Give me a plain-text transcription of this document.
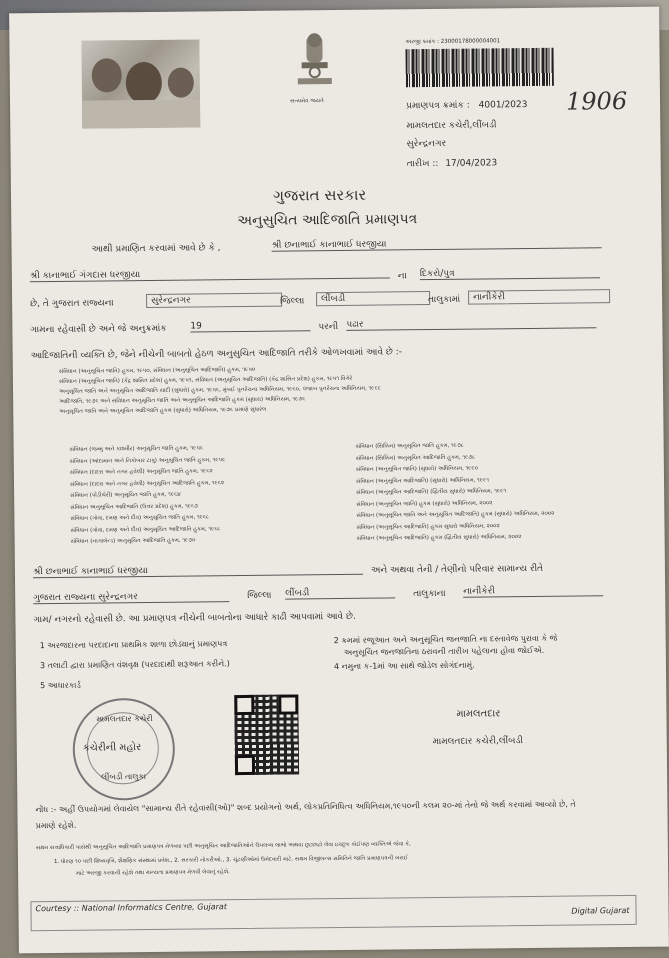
સત્યમેવ જયતે
અરજી ક્રમાંક : 23000178000004001
પ્રમાણપત્ર ક્રમાંક : 4001/2023 1906
મામલતદાર કચેરી,લીંબડી
સુરેન્દ્રનગર
તારીખ :: 17/04/2023
ગુજરાત સરકાર
અનુસુચિત આદિજાતિ પ્રમાણપત્ર
આથી પ્રમાણિત કરવામાં આવે છે કે ,	શ્રી છનાભાઈ કાનાભાઈ ધરજીયા
શ્રી કાનાભાઈ ગંગદાસ ધરજીયા	ના દિકરો/પુત્ર
છે, તે ગુજરાત રાજ્યના	સુરેન્દ્રનગર	જિલ્લા	લીંબડી	તાલુકામાં	નાનીકેરી
ગામના રહેવાસી છે અને જે અનુક્રમાંક	19	પરની પઢાર
આદિજાતિની વ્યક્તિ છે, જેને નીચેની બાબતો હેઠળ અનુસુચિત આદિજાતિ તરીકે ઓળખવામાં આવે છે :-
સંવિધાન (અનુસૂચિત જાતિ) હુકમ, ૧૯૫૦, સંવિધાન (અનુસૂચિત આદિજાતિ) હુકમ, ૧૯૫૦
સંવિધાન (અનુસૂચિત જાતિ) (કેંદ્ર શાસિત પ્રદેશ) હુકમ, ૧૯૫૧, સંવિધાન (અનુસૂચિત આદિજાતિ) (કેંદ્ર શાસિત પ્રદેશ) હુકમ, ૧૯૫૧ વિગેરે
અનુસૂચિત જાતિ અને અનુસૂચિત આદિજાતિ યાદી (સુધારો) હુકમ, ૧૯૫૬, મુંબઈ પુનર્રચના અધિનિયમ, ૧૯૬૦, પંજાબ પુનર્રચના અધિનિયમ, ૧૯૬૬
આદિજાતિ, ૧૯૭૬ અને સંવિધાન અનુસૂચિત જાતિ અને અનુસૂચિત આદિજાતિ હુકમ (સુધારા) અધિનિયમ, ૧૯૭૬
અનુસૂચિત જાતિ અને અનુસૂચિત આદિજાતિ હુકમ (સુધારો) અધિનિયમ, ૧૯૭૬ પ્રમાણે સુધારેલ
સંવિધાન (જમ્મુ અને કાશ્મીર) અનુસૂચિત જાતિ હુકમ, ૧૯૫૬
સંવિધાન (આંદામાન અને નિકોબાર ટાપુ) અનુસૂચિત જાતિ હુકમ, ૧૯૫૯
સંવિધાન (દાદરા અને નગર હવેલી) અનુસૂચિત જાતિ હુકમ, ૧૯૬૨
સંવિધાન (દાદરા અને નગર હવેલી) અનુસૂચિત આદિજાતિ હુકમ, ૧૯૬૨
સંવિધાન (પોંડીચેરી) અનુસૂચિત જાતિ હુકમ, ૧૯૬૪
સંવિધાન અનુસૂચિત આદિજાતિ (ઉત્તર પ્રદેશ) હુકમ, ૧૯૬૭
સંવિધાન (ગોવા, દમણ અને દીવ) અનુસૂચિત જાતિ હુકમ, ૧૯૬૮
સંવિધાન (ગોવા, દમણ અને દીવ) અનુસૂચિત આદિજાતિ હુકમ, ૧૯૬૮
સંવિધાન (નાગાલેન્ડ) અનુસૂચિત આદિજાતિ હુકમ, ૧૯૭૦
સંવિધાન (સિક્કિમ) અનુસૂચિત જાતિ હુકમ, ૧૯૭૮
સંવિધાન (સિક્કિમ) અનુસૂચિત આદિજાતિ હુકમ, ૧૯૭૮
સંવિધાન (અનુસૂચિત જાતિ) (સુધારો) અધિનિયમ, ૧૯૯૦
સંવિધાન (અનુસૂચિત આદિજાતિ) (સુધારો) અધિનિયમ, ૧૯૯૧
સંવિધાન (અનુસૂચિત આદિજાતિ) (દ્વિતીય સુધારો) અધિનિયમ, ૧૯૯૧
સંવિધાન (અનુસૂચિત જાતિ) હુકમ (સુધારો) અધિનિયમ, ૨૦૦૨
સંવિધાન (અનુસૂચિત જાતિ અને અનુસૂચિત આદિજાતિ) હુકમ (સુધારો) અધિનિયમ, ૨૦૦૨
સંવિધાન (અનુસૂચિત આદિજાતિ) હુકમ સુધારો અધિનિયમ, ૨૦૦૨
સંવિધાન (અનુસૂચિત આદિજાતિ) હુકમ (દ્વિતીય સુધારો) અધિનિયમ, ૨૦૦૨
શ્રી છનાભાઈ કાનાભાઈ ધરજીયા	અને અથવા તેની / તેણીનો પરિવાર સામાન્ય રીતે
ગુજરાત રાજ્યના સુરેન્દ્રનગર	જિલ્લા લીંબડી	તાલુકાના નાનીકેરી
ગામ/ નગરનો રહેવાસી છે. આ પ્રમાણપત્ર નીચેની બાબતોના આધારે કાઢી આપવામાં આવે છે.
1 અરજદારના પરદાદાના પ્રાથમિક શાળા છોડ્યાનું પ્રમાણપત્ર	2 ક્રમમાં રજૂઆત અને અનુસૂચિત જનજાતિ ના દસ્તાવેજ પુરાવા કે જે
અનુસૂચિત જનજાતિના ઠરાવની તારીખ પહેલાના હોવા જોઈએ.
3 તલાટી દ્વારા પ્રમાણિત વંશવૃક્ષ (પરદાદાથી શરૂઆત કરીને.)	4 નમુના ક-1માં આ સાથે જોડેલ સોગંદનામું.
5 આધારકાર્ડ
મામલતદાર કચેરી
કચેરીની મહોર
લીંબડી તાલુકા
મામલતદાર
મામલતદાર કચેરી,લીંબડી
નોંધ :- અહીં ઉપયોગમાં લેવાયેલ "સામાન્ય રીતે રહેવાસી(ઓ)" શબ્દ પ્રયોગનો અર્થ, લોકપ્રતિનિધિત્વ અધિનિયમ,૧૯૫૦ની કલમ ૨૦-માં તેનો જે અર્થ કરવામાં આવ્યો છે, તે
પ્રમાણે રહેશે.
સક્ષમ સત્તાધિકારી પાસેથી અનુસૂચિત આદિજાતિ પ્રમાણપત્ર મેળવ્યા પછી અનુસૂચિત આદિજાતિઓને ઉપલબ્ધ લાભો અથવા છુટછાટો લેવા ઇચ્છુક કોઈપણ વ્યક્તિએ જેવા કે,
1. ધોરણ ૧૦ પછી શિષ્યવૃત્તિ, શૈક્ષણિક સંસ્થામાં પ્રવેશ., 2. સરકારી નોકરીઓ., 3. ચૂંટણીઓમાં ઉમેદવારી માટે. સક્ષમ વિજીલન્સ સમિતિને જાતિ પ્રમાણપત્રની ખરાઈ
માટે અરજી કરવાની રહેશે તથા માન્યતા પ્રમાણપત્ર મેળવી લેવાનું રહેશે.
Courtesy :: National Informatics Centre, Gujarat	Digital Gujarat
